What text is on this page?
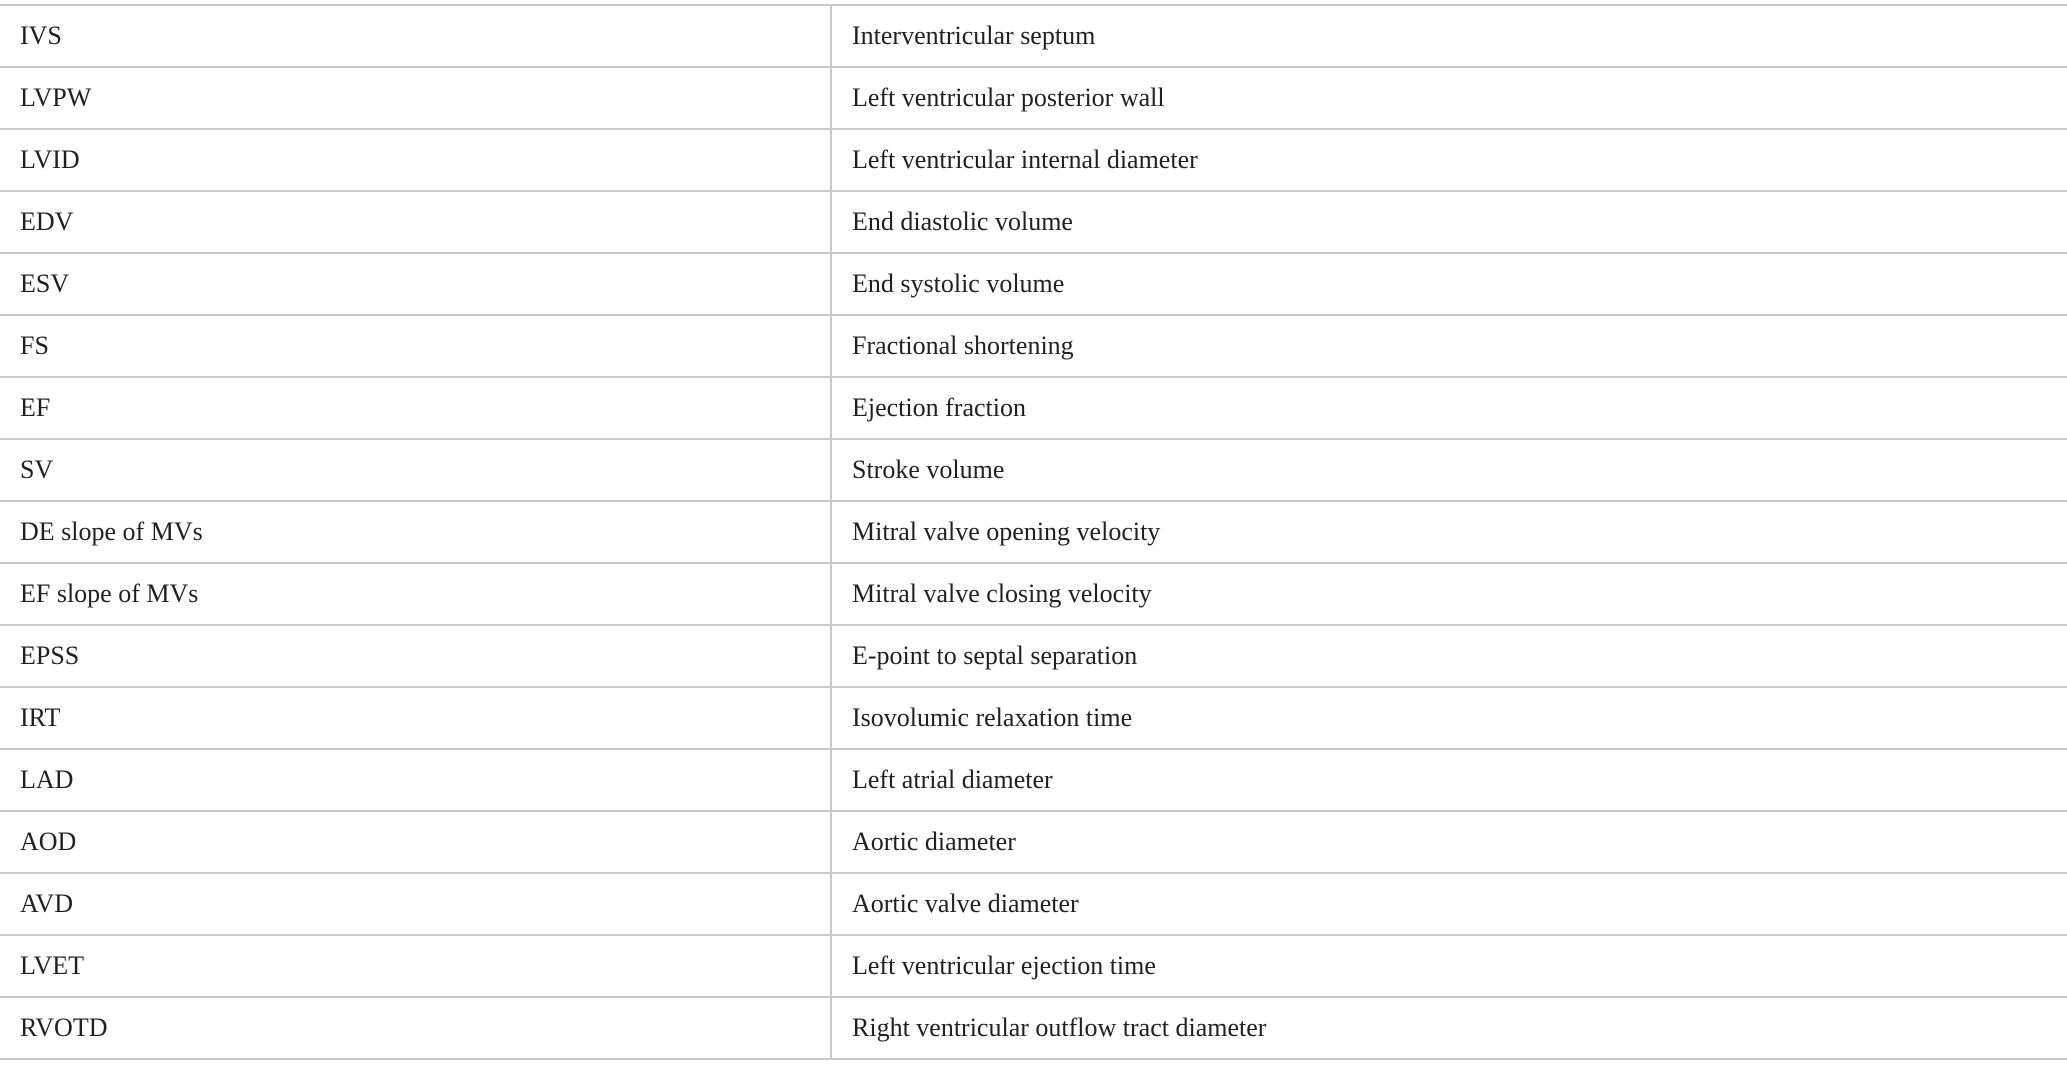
IVS	Interventricular septum
LVPW	Left ventricular posterior wall
LVID	Left ventricular internal diameter
EDV	End diastolic volume
ESV	End systolic volume
FS	Fractional shortening
EF	Ejection fraction
SV	Stroke volume
DE slope of MVs	Mitral valve opening velocity
EF slope of MVs	Mitral valve closing velocity
EPSS	E-point to septal separation
IRT	Isovolumic relaxation time
LAD	Left atrial diameter
AOD	Aortic diameter
AVD	Aortic valve diameter
LVET	Left ventricular ejection time
RVOTD	Right ventricular outflow tract diameter
